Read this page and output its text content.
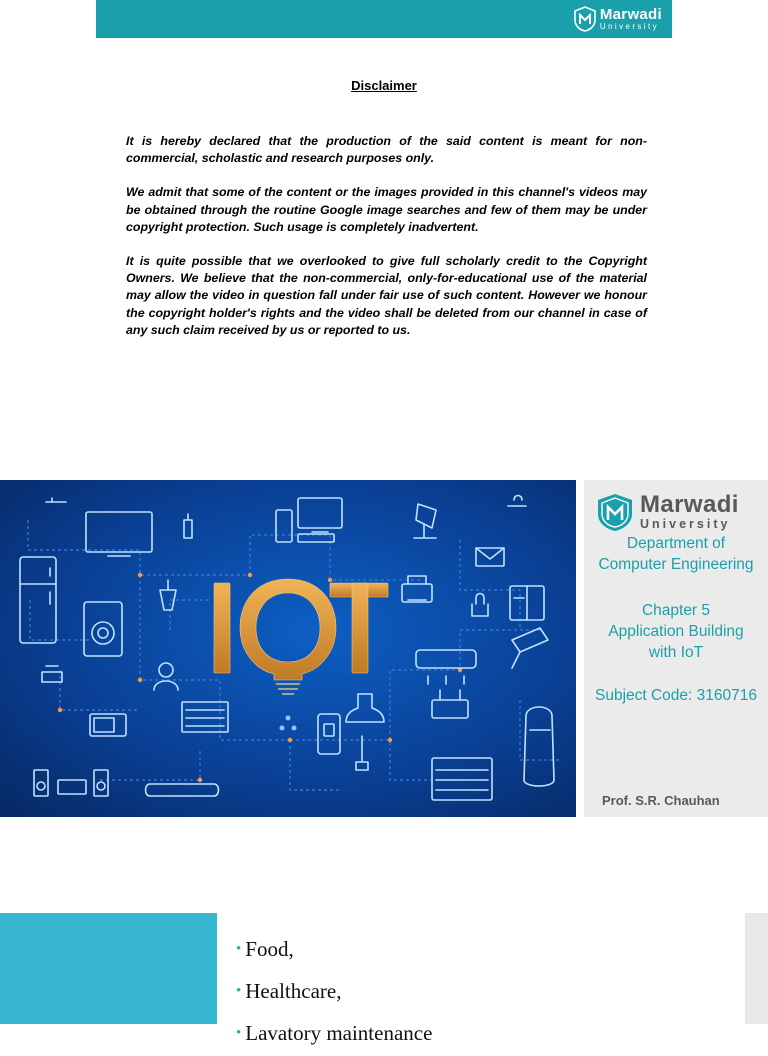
Marwadi
University
Disclaimer

It is hereby declared that the production of the said content is meant for non-commercial, scholastic and research purposes only.

We admit that some of the content or the images provided in this channel's videos may be obtained through the routine Google image searches and few of them may be under copyright protection. Such usage is completely inadvertent.

It is quite possible that we overlooked to give full scholarly credit to the Copyright Owners. We believe that the non-commercial, only-for-educational use of the material may allow the video in question fall under fair use of such content. However we honour the copyright holder's rights and the video shall be deleted from our channel in case of any such claim received by us or reported to us.

IOT
Marwadi
University
Department of
Computer Engineering
Chapter 5
Application Building
with IoT
Subject Code: 3160716
Prof. S.R. Chauhan
• Food,
• Healthcare,
• Lavatory maintenance
